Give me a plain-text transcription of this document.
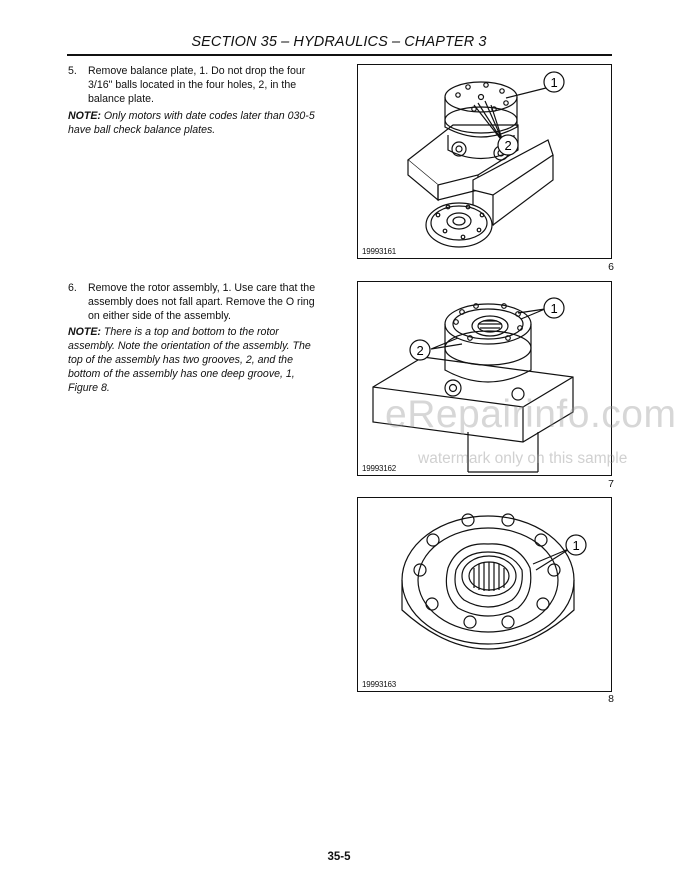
SECTION 35 – HYDRAULICS – CHAPTER 3
5.	Remove balance plate, 1. Do not drop the four
3/16" balls located in the four holes, 2, in the
balance plate.
NOTE: Only motors with date codes later than 030-5
have ball check balance plates.
6.	Remove the rotor assembly, 1. Use care that the
assembly does not fall apart. Remove the O ring
on either side of the assembly.
NOTE: There is a top and bottom to the rotor
assembly. Note the orientation of the assembly. The
top of the assembly has two grooves, 2, and the
bottom of the assembly has one deep groove, 1,
Figure 8.
1
2
19993161
6
1
2
19993162
7
1
19993163
8
eRepairinfo.com
watermark only on this sample
35-5
